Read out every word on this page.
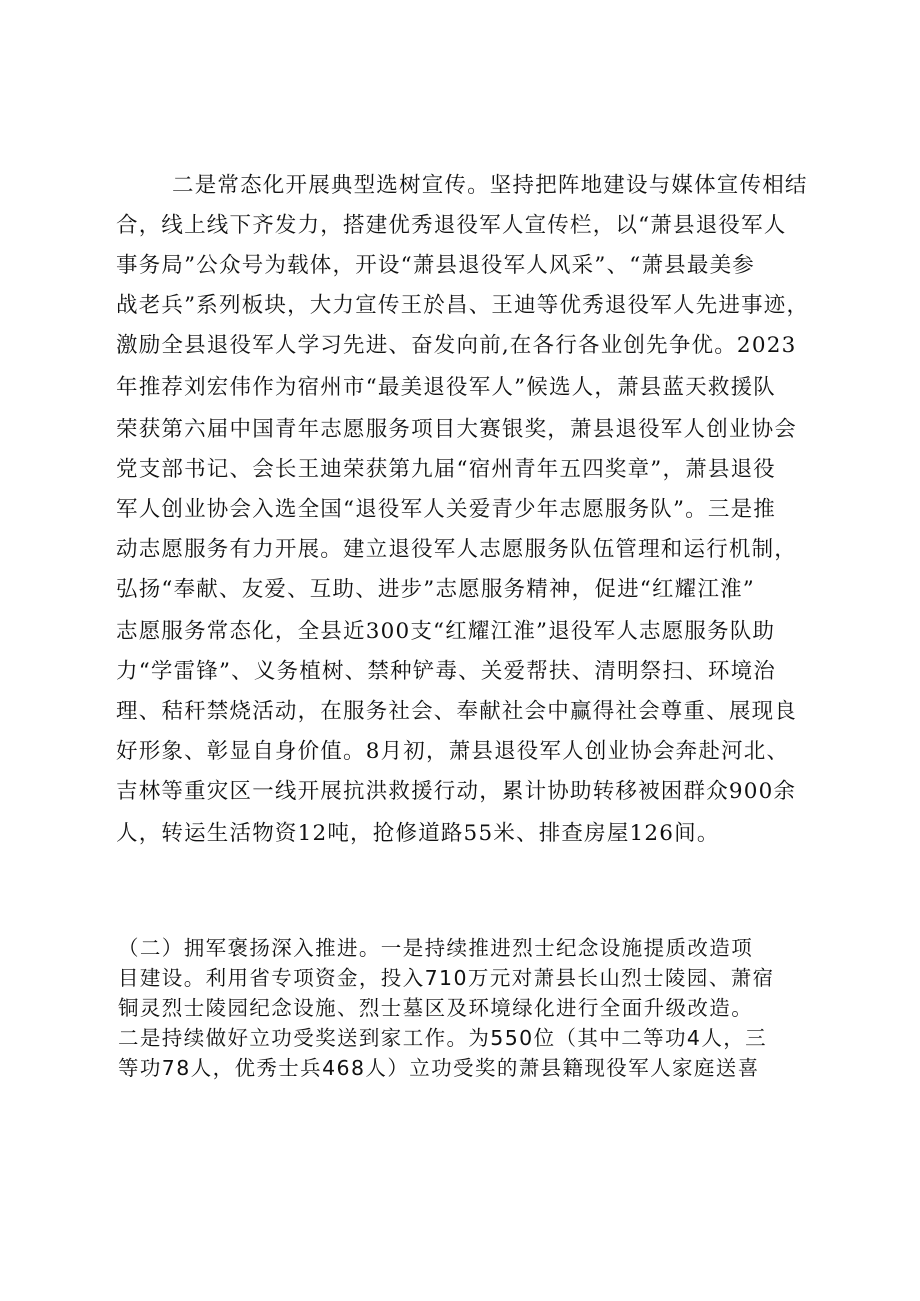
二是常态化开展典型选树宣传。坚持把阵地建设与媒体宣传相结
合，线上线下齐发力，搭建优秀退役军人宣传栏，以“萧县退役军人
事务局”公众号为载体，开设“萧县退役军人风采”、“萧县最美参
战老兵”系列板块，大力宣传王於昌、王迪等优秀退役军人先进事迹，
激励全县退役军人学习先进、奋发向前,在各行各业创先争优。2023
年推荐刘宏伟作为宿州市“最美退役军人”候选人，萧县蓝天救援队
荣获第六届中国青年志愿服务项目大赛银奖，萧县退役军人创业协会
党支部书记、会长王迪荣获第九届“宿州青年五四奖章”，萧县退役
军人创业协会入选全国“退役军人关爱青少年志愿服务队”。三是推
动志愿服务有力开展。建立退役军人志愿服务队伍管理和运行机制，
弘扬“奉献、友爱、互助、进步”志愿服务精神，促进“红耀江淮”
志愿服务常态化，全县近300支“红耀江淮”退役军人志愿服务队助
力“学雷锋”、义务植树、禁种铲毒、关爱帮扶、清明祭扫、环境治
理、秸秆禁烧活动，在服务社会、奉献社会中赢得社会尊重、展现良
好形象、彰显自身价值。8月初，萧县退役军人创业协会奔赴河北、
吉林等重灾区一线开展抗洪救援行动，累计协助转移被困群众900余
人，转运生活物资12吨，抢修道路55米、排查房屋126间。
（二）拥军褒扬深入推进。一是持续推进烈士纪念设施提质改造项
目建设。利用省专项资金，投入710万元对萧县长山烈士陵园、萧宿
铜灵烈士陵园纪念设施、烈士墓区及环境绿化进行全面升级改造。
二是持续做好立功受奖送到家工作。为550位（其中二等功4人，三
等功78人，优秀士兵468人）立功受奖的萧县籍现役军人家庭送喜
